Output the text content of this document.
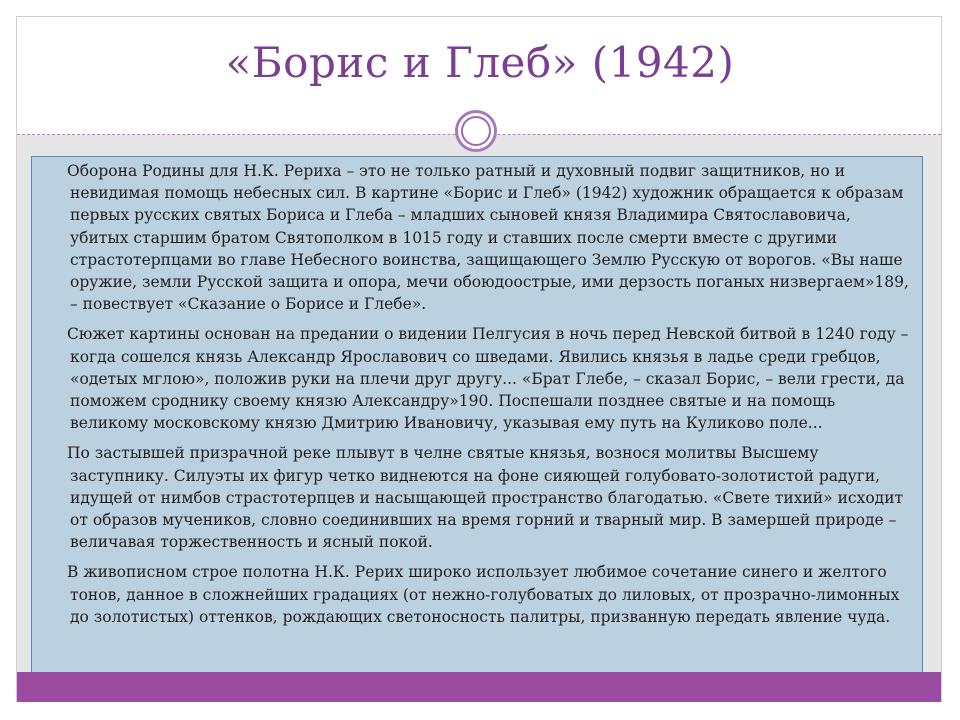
«Борис и Глеб» (1942)

Оборона Родины для Н.К. Рериха – это не только ратный и духовный подвиг защитников, но и невидимая помощь небесных сил. В картине «Борис и Глеб» (1942) художник обращается к образам первых русских святых Бориса и Глеба – младших сыновей князя Владимира Святославовича, убитых старшим братом Святополком в 1015 году и ставших после смерти вместе с другими страстотерпцами во главе Небесного воинства, защищающего Землю Русскую от ворогов. «Вы наше оружие, земли Русской защита и опора, мечи обоюдоострые, ими дерзость поганых низвергаем»189, – повествует «Сказание о Борисе и Глебе».

Сюжет картины основан на предании о видении Пелгусия в ночь перед Невской битвой в 1240 году – когда сошелся князь Александр Ярославович со шведами. Явились князья в ладье среди гребцов, «одетых мглою», положив руки на плечи друг другу... «Брат Глебе, – сказал Борис, – вели грести, да поможем сроднику своему князю Александру»190. Поспешали позднее святые и на помощь великому московскому князю Дмитрию Ивановичу, указывая ему путь на Куликово поле...

По застывшей призрачной реке плывут в челне святые князья, вознося молитвы Высшему заступнику. Силуэты их фигур четко виднеются на фоне сияющей голубовато-золотистой радуги, идущей от нимбов страстотерпцев и насыщающей пространство благодатью. «Свете тихий» исходит от образов мучеников, словно соединивших на время горний и тварный мир. В замершей природе – величавая торжественность и ясный покой.

В живописном строе полотна Н.К. Рерих широко использует любимое сочетание синего и желтого тонов, данное в сложнейших градациях (от нежно-голубоватых до лиловых, от прозрачно-лимонных до золотистых) оттенков, рождающих светоносность палитры, призванную передать явление чуда.
